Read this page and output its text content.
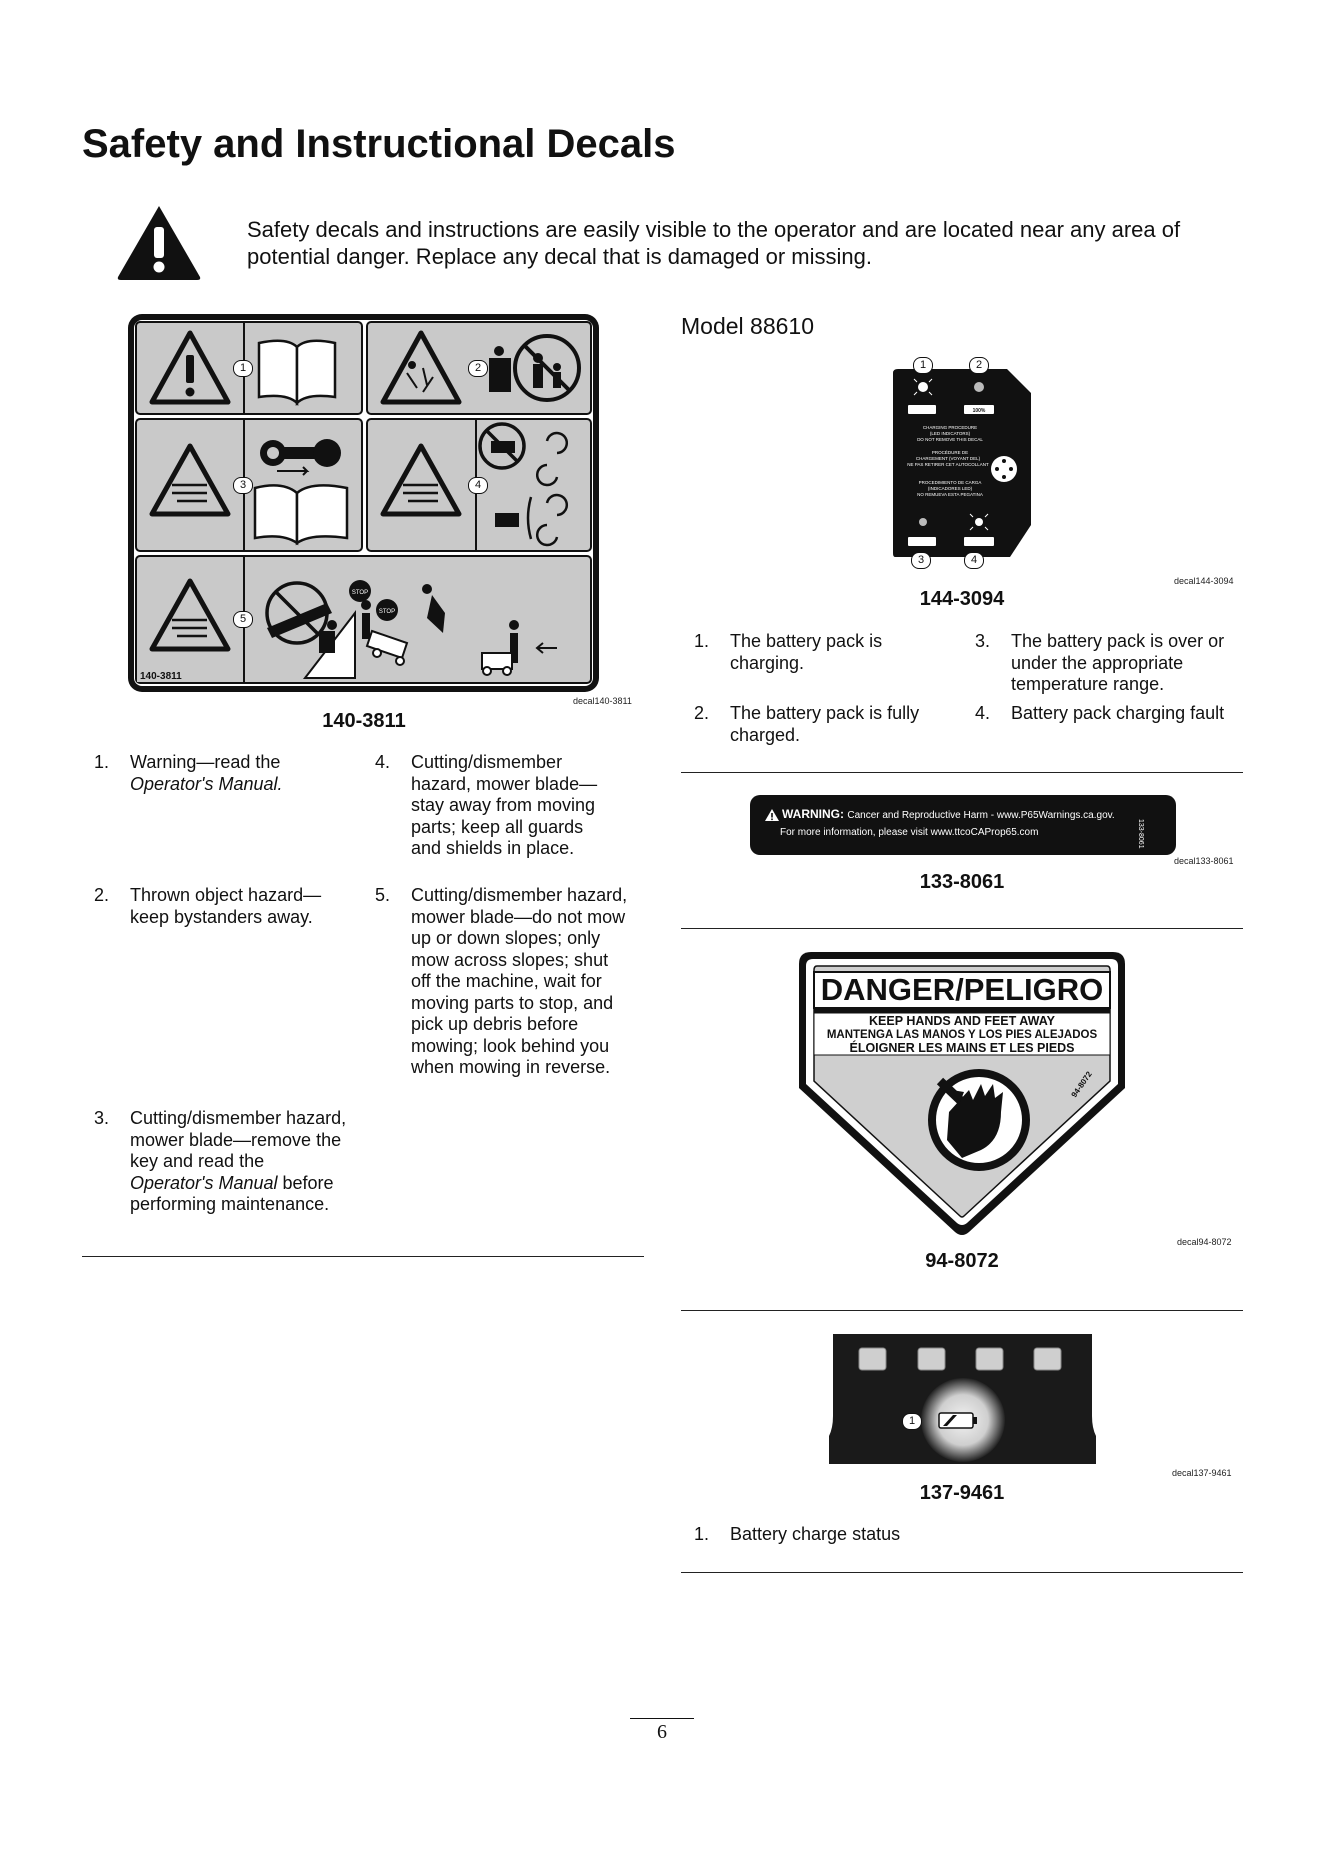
Safety and Instructional Decals
Safety decals and instructions are easily visible to the operator and are located near any area of potential danger. Replace any decal that is damaged or missing.
STOP
STOP
140-3811
1	2
3	4
5
decal140-3811
140-3811
1. Warning—read the
Operator's Manual.
2. Thrown object hazard—keep bystanders away.
3. Cutting/dismember hazard, mower blade—remove the key and read the Operator's Manual before performing maintenance.
4. Cutting/dismember hazard, mower blade—stay away from moving parts; keep all guards and shields in place.
5. Cutting/dismember hazard, mower blade—do not mow up or down slopes; only mow across slopes; shut off the machine, wait for moving parts to stop, and pick up debris before mowing; look behind you when mowing in reverse.
Model 88610
100%
CHARGING PROCEDURE
(LED INDICATORS)
DO NOT REMOVE THIS DECAL
PROCÉDURE DE
CHARGEMENT (VOYANT DEL)
NE PAS RETIRER CET AUTOCOLLANT
PROCEDIMIENTO DE CARGA
(INDICADORES LED)
NO REMUEVA ESTA PEGATINA
1	2
3	4
decal144-3094
144-3094
1. The battery pack is charging.
2. The battery pack is fully charged.
3. The battery pack is over or under the appropriate temperature range.
4. Battery pack charging fault
WARNING: Cancer and Reproductive Harm - www.P65Warnings.ca.gov.
For more information, please visit www.ttcoCAProp65.com	133-8061
decal133-8061
133-8061
DANGER/PELIGRO
KEEP HANDS AND FEET AWAY
MANTENGA LAS MANOS Y LOS PIES ALEJADOS
ÉLOIGNER LES MAINS ET LES PIEDS
94-8072
decal94-8072
94-8072
1
decal137-9461
137-9461
1. Battery charge status
6
